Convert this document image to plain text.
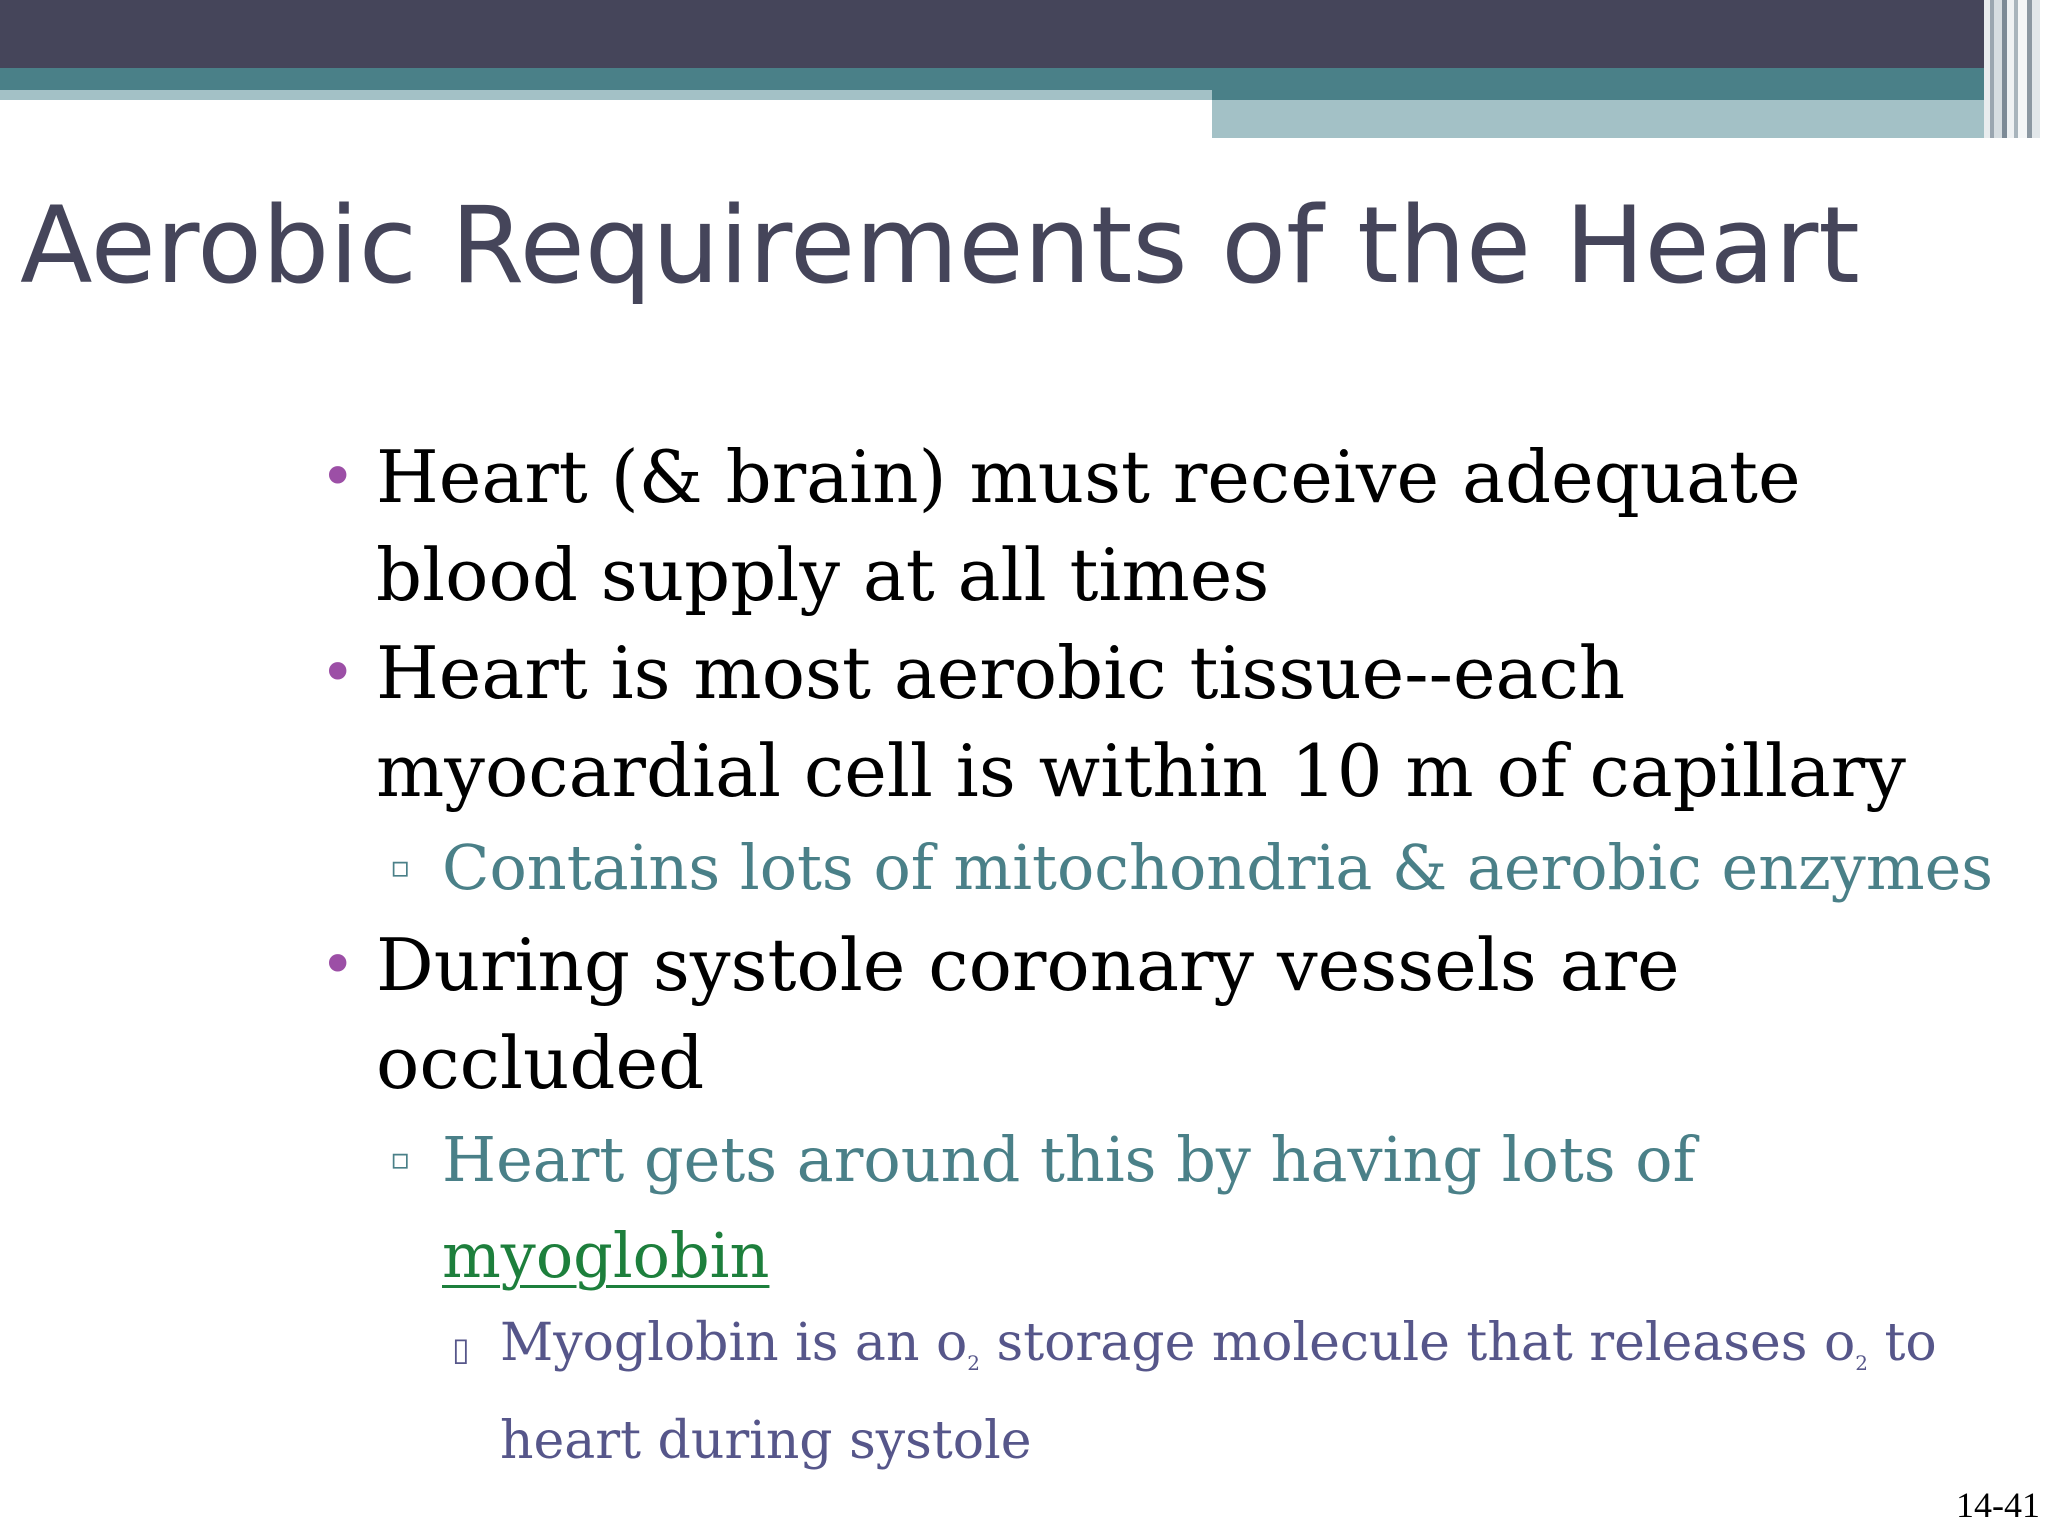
Aerobic Requirements of the Heart

• Heart (& brain) must receive adequate blood supply at all times

• Heart is most aerobic tissue--each myocardial cell is within 10 m of capillary

▫ Contains lots of mitochondria & aerobic enzymes

• During systole coronary vessels are occluded

▫ Heart gets around this by having lots of myoglobin

▯ Myoglobin is an $o_2$ storage molecule that releases $o_2$ to heart during systole

14-41
